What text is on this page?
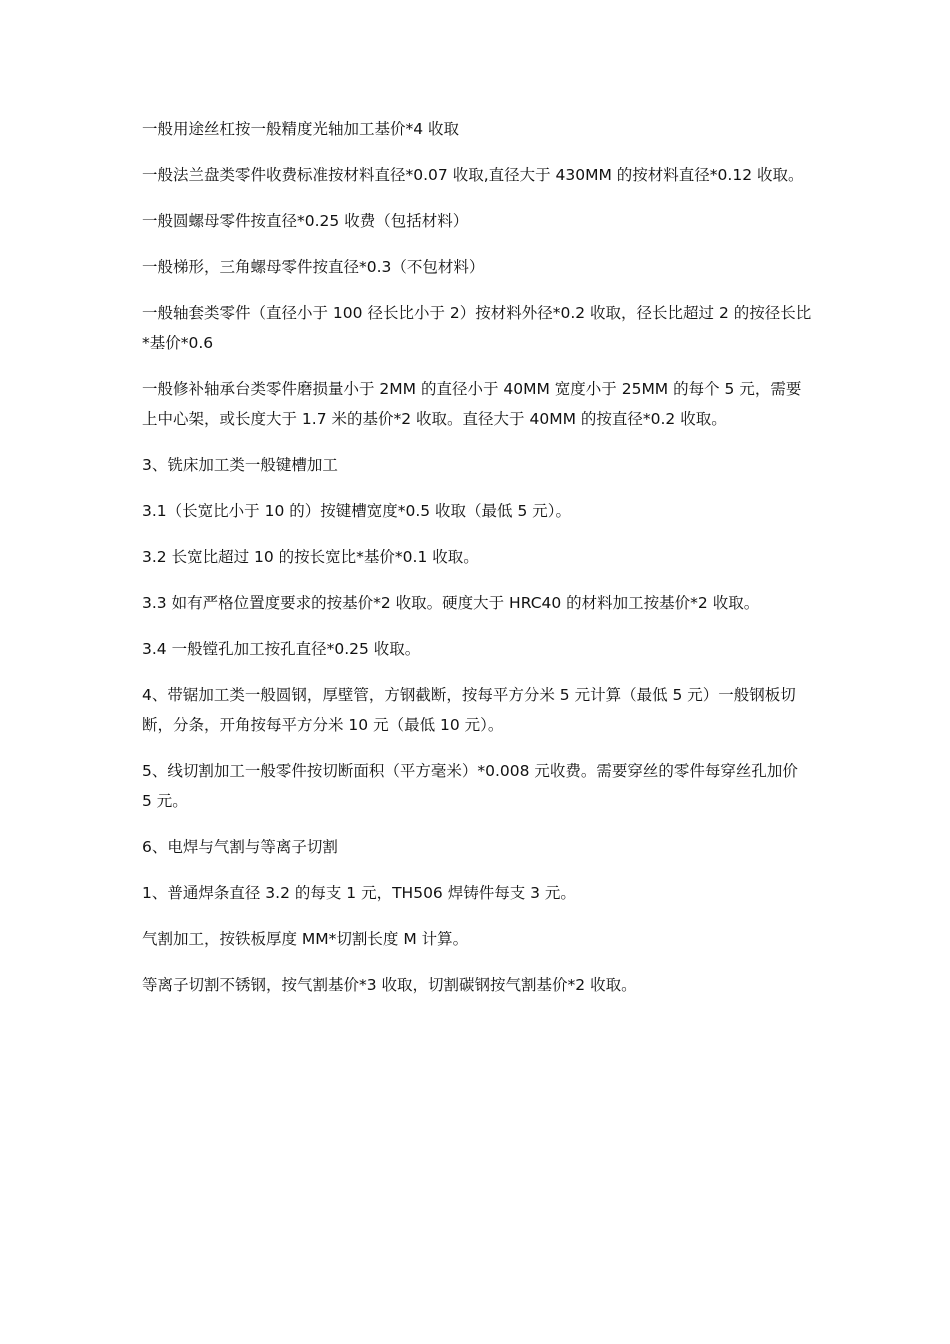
一般用途丝杠按一般精度光轴加工基价*4 收取

一般法兰盘类零件收费标准按材料直径*0.07 收取,直径大于 430MM 的按材料直径*0.12 收取。

一般圆螺母零件按直径*0.25 收费（包括材料）

一般梯形，三角螺母零件按直径*0.3（不包材料）

一般轴套类零件（直径小于 100 径长比小于 2）按材料外径*0.2 收取，径长比超过 2 的按径长比*基价*0.6

一般修补轴承台类零件磨损量小于 2MM 的直径小于 40MM 宽度小于 25MM 的每个 5 元，需要上中心架，或长度大于 1.7 米的基价*2 收取。直径大于 40MM 的按直径*0.2 收取。

3、铣床加工类一般键槽加工

3.1（长宽比小于 10 的）按键槽宽度*0.5 收取（最低 5 元）。

3.2 长宽比超过 10 的按长宽比*基价*0.1 收取。

3.3 如有严格位置度要求的按基价*2 收取。硬度大于 HRC40 的材料加工按基价*2 收取。

3.4 一般镗孔加工按孔直径*0.25 收取。

4、带锯加工类一般圆钢，厚壁管，方钢截断，按每平方分米 5 元计算（最低 5 元）一般钢板切断，分条，开角按每平方分米 10 元（最低 10 元）。

5、线切割加工一般零件按切断面积（平方毫米）*0.008 元收费。需要穿丝的零件每穿丝孔加价 5 元。

6、电焊与气割与等离子切割

1、普通焊条直径 3.2 的每支 1 元，TH506 焊铸件每支 3 元。

气割加工，按铁板厚度 MM*切割长度 M 计算。

等离子切割不锈钢，按气割基价*3 收取，切割碳钢按气割基价*2 收取。
